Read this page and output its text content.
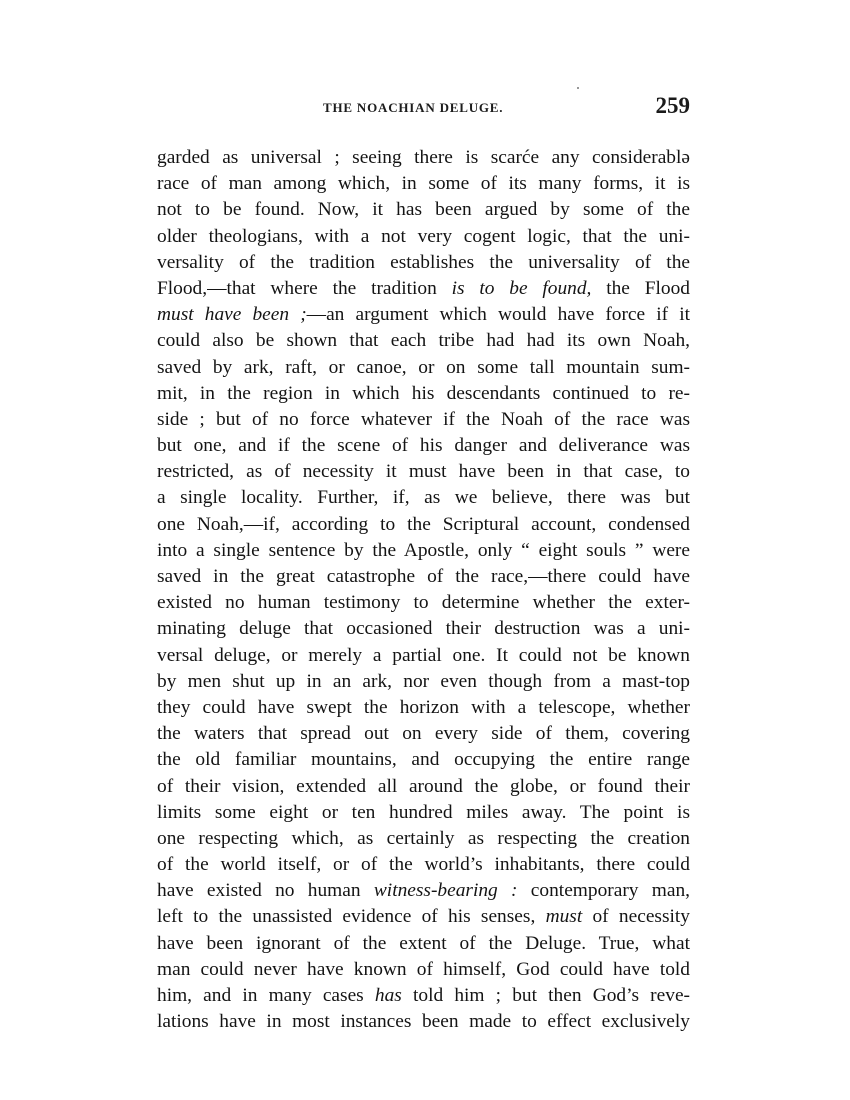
THE NOACHIAN DELUGE.	259
garded as universal ; seeing there is scarće any considerablə
race of man among which, in some of its many forms, it is
not to be found. Now, it has been argued by some of the
older theologians, with a not very cogent logic, that the uni-
versality of the tradition establishes the universality of the
Flood,—that where the tradition is to be found, the Flood
must have been ;—an argument which would have force if it
could also be shown that each tribe had had its own Noah,
saved by ark, raft, or canoe, or on some tall mountain sum-
mit, in the region in which his descendants continued to re-
side ; but of no force whatever if the Noah of the race was
but one, and if the scene of his danger and deliverance was
restricted, as of necessity it must have been in that case, to
a single locality. Further, if, as we believe, there was but
one Noah,—if, according to the Scriptural account, condensed
into a single sentence by the Apostle, only “ eight souls ” were
saved in the great catastrophe of the race,—there could have
existed no human testimony to determine whether the exter-
minating deluge that occasioned their destruction was a uni-
versal deluge, or merely a partial one. It could not be known
by men shut up in an ark, nor even though from a mast-top
they could have swept the horizon with a telescope, whether
the waters that spread out on every side of them, covering
the old familiar mountains, and occupying the entire range
of their vision, extended all around the globe, or found their
limits some eight or ten hundred miles away. The point is
one respecting which, as certainly as respecting the creation
of the world itself, or of the world’s inhabitants, there could
have existed no human witness-bearing : contemporary man,
left to the unassisted evidence of his senses, must of necessity
have been ignorant of the extent of the Deluge. True, what
man could never have known of himself, God could have told
him, and in many cases has told him ; but then God’s reve-
lations have in most instances been made to effect exclusively
